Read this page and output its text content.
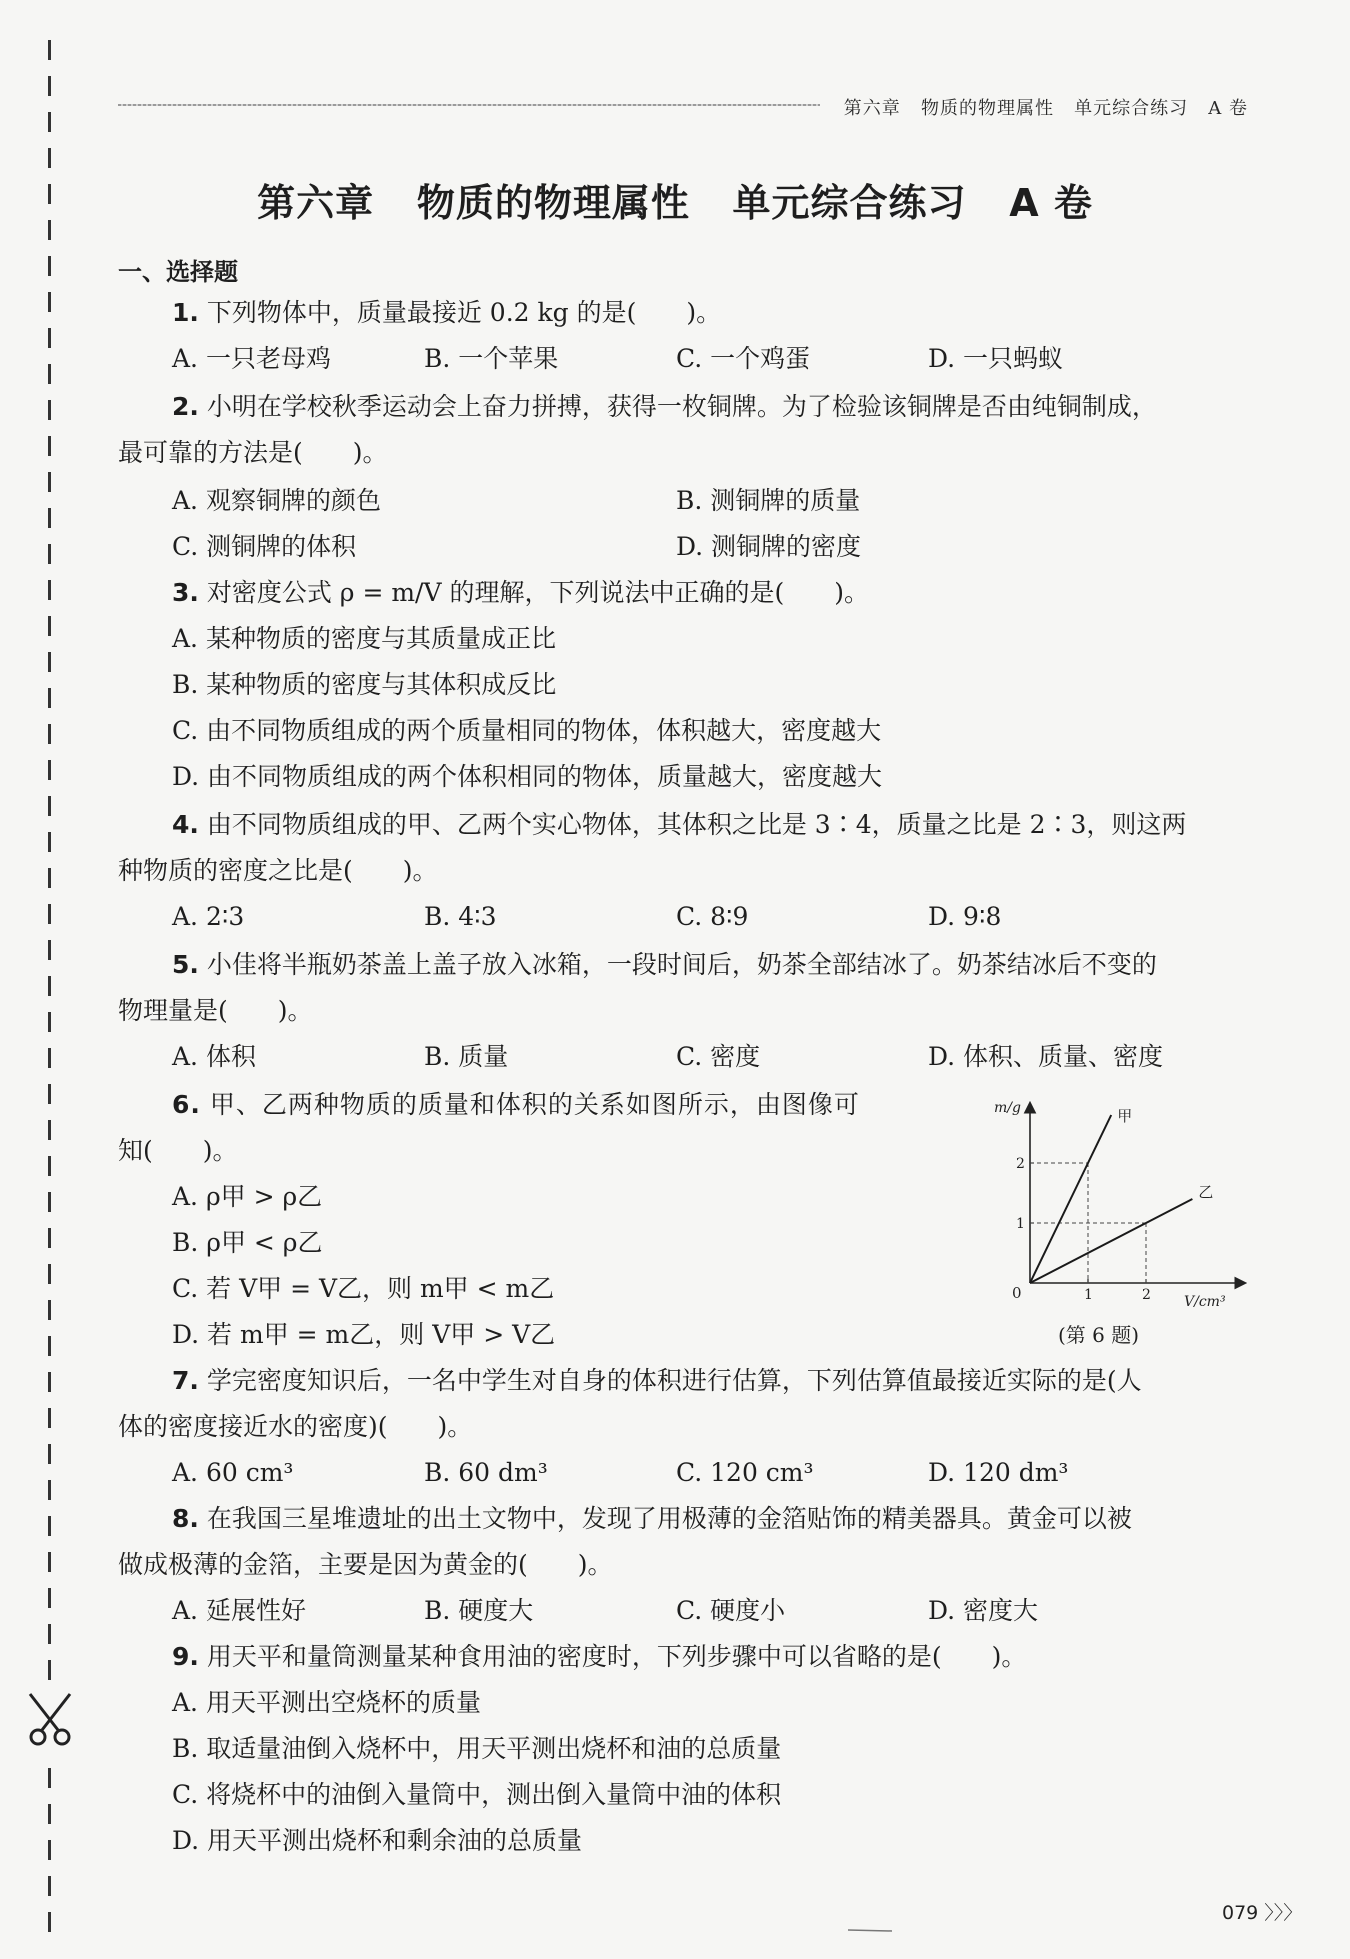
第六章   物质的物理属性   单元综合练习   A 卷
第六章   物质的物理属性   单元综合练习   A 卷
一、选择题
1. 下列物体中，质量最接近 0.2 kg 的是(　　)。
A. 一只老母鸡	B. 一个苹果	C. 一个鸡蛋	D. 一只蚂蚁
2. 小明在学校秋季运动会上奋力拼搏，获得一枚铜牌。为了检验该铜牌是否由纯铜制成，
最可靠的方法是(　　)。
A. 观察铜牌的颜色	B. 测铜牌的质量
C. 测铜牌的体积	D. 测铜牌的密度
3. 对密度公式 ρ = m/V 的理解，下列说法中正确的是(　　)。
A. 某种物质的密度与其质量成正比
B. 某种物质的密度与其体积成反比
C. 由不同物质组成的两个质量相同的物体，体积越大，密度越大
D. 由不同物质组成的两个体积相同的物体，质量越大，密度越大
4. 由不同物质组成的甲、乙两个实心物体，其体积之比是 3∶4，质量之比是 2∶3，则这两
种物质的密度之比是(　　)。
A. 2∶3	B. 4∶3	C. 8∶9	D. 9∶8
5. 小佳将半瓶奶茶盖上盖子放入冰箱，一段时间后，奶茶全部结冰了。奶茶结冰后不变的
物理量是(　　)。
A. 体积	B. 质量	C. 密度	D. 体积、质量、密度
6. 甲、乙两种物质的质量和体积的关系如图所示，由图像可
知(　　)。
A. ρ甲 > ρ乙
B. ρ甲 < ρ乙
C. 若 V甲 = V乙，则 m甲 < m乙
D. 若 m甲 = m乙，则 V甲 > V乙
m/g
V/cm³
0	1	2
1
2
甲
乙
(第 6 题)
7. 学完密度知识后，一名中学生对自身的体积进行估算，下列估算值最接近实际的是(人
体的密度接近水的密度)(　　)。
A. 60 cm³	B. 60 dm³	C. 120 cm³	D. 120 dm³
8. 在我国三星堆遗址的出土文物中，发现了用极薄的金箔贴饰的精美器具。黄金可以被
做成极薄的金箔，主要是因为黄金的(　　)。
A. 延展性好	B. 硬度大	C. 硬度小	D. 密度大
9. 用天平和量筒测量某种食用油的密度时，下列步骤中可以省略的是(　　)。
A. 用天平测出空烧杯的质量
B. 取适量油倒入烧杯中，用天平测出烧杯和油的总质量
C. 将烧杯中的油倒入量筒中，测出倒入量筒中油的体积
D. 用天平测出烧杯和剩余油的总质量
079 〉〉〉
